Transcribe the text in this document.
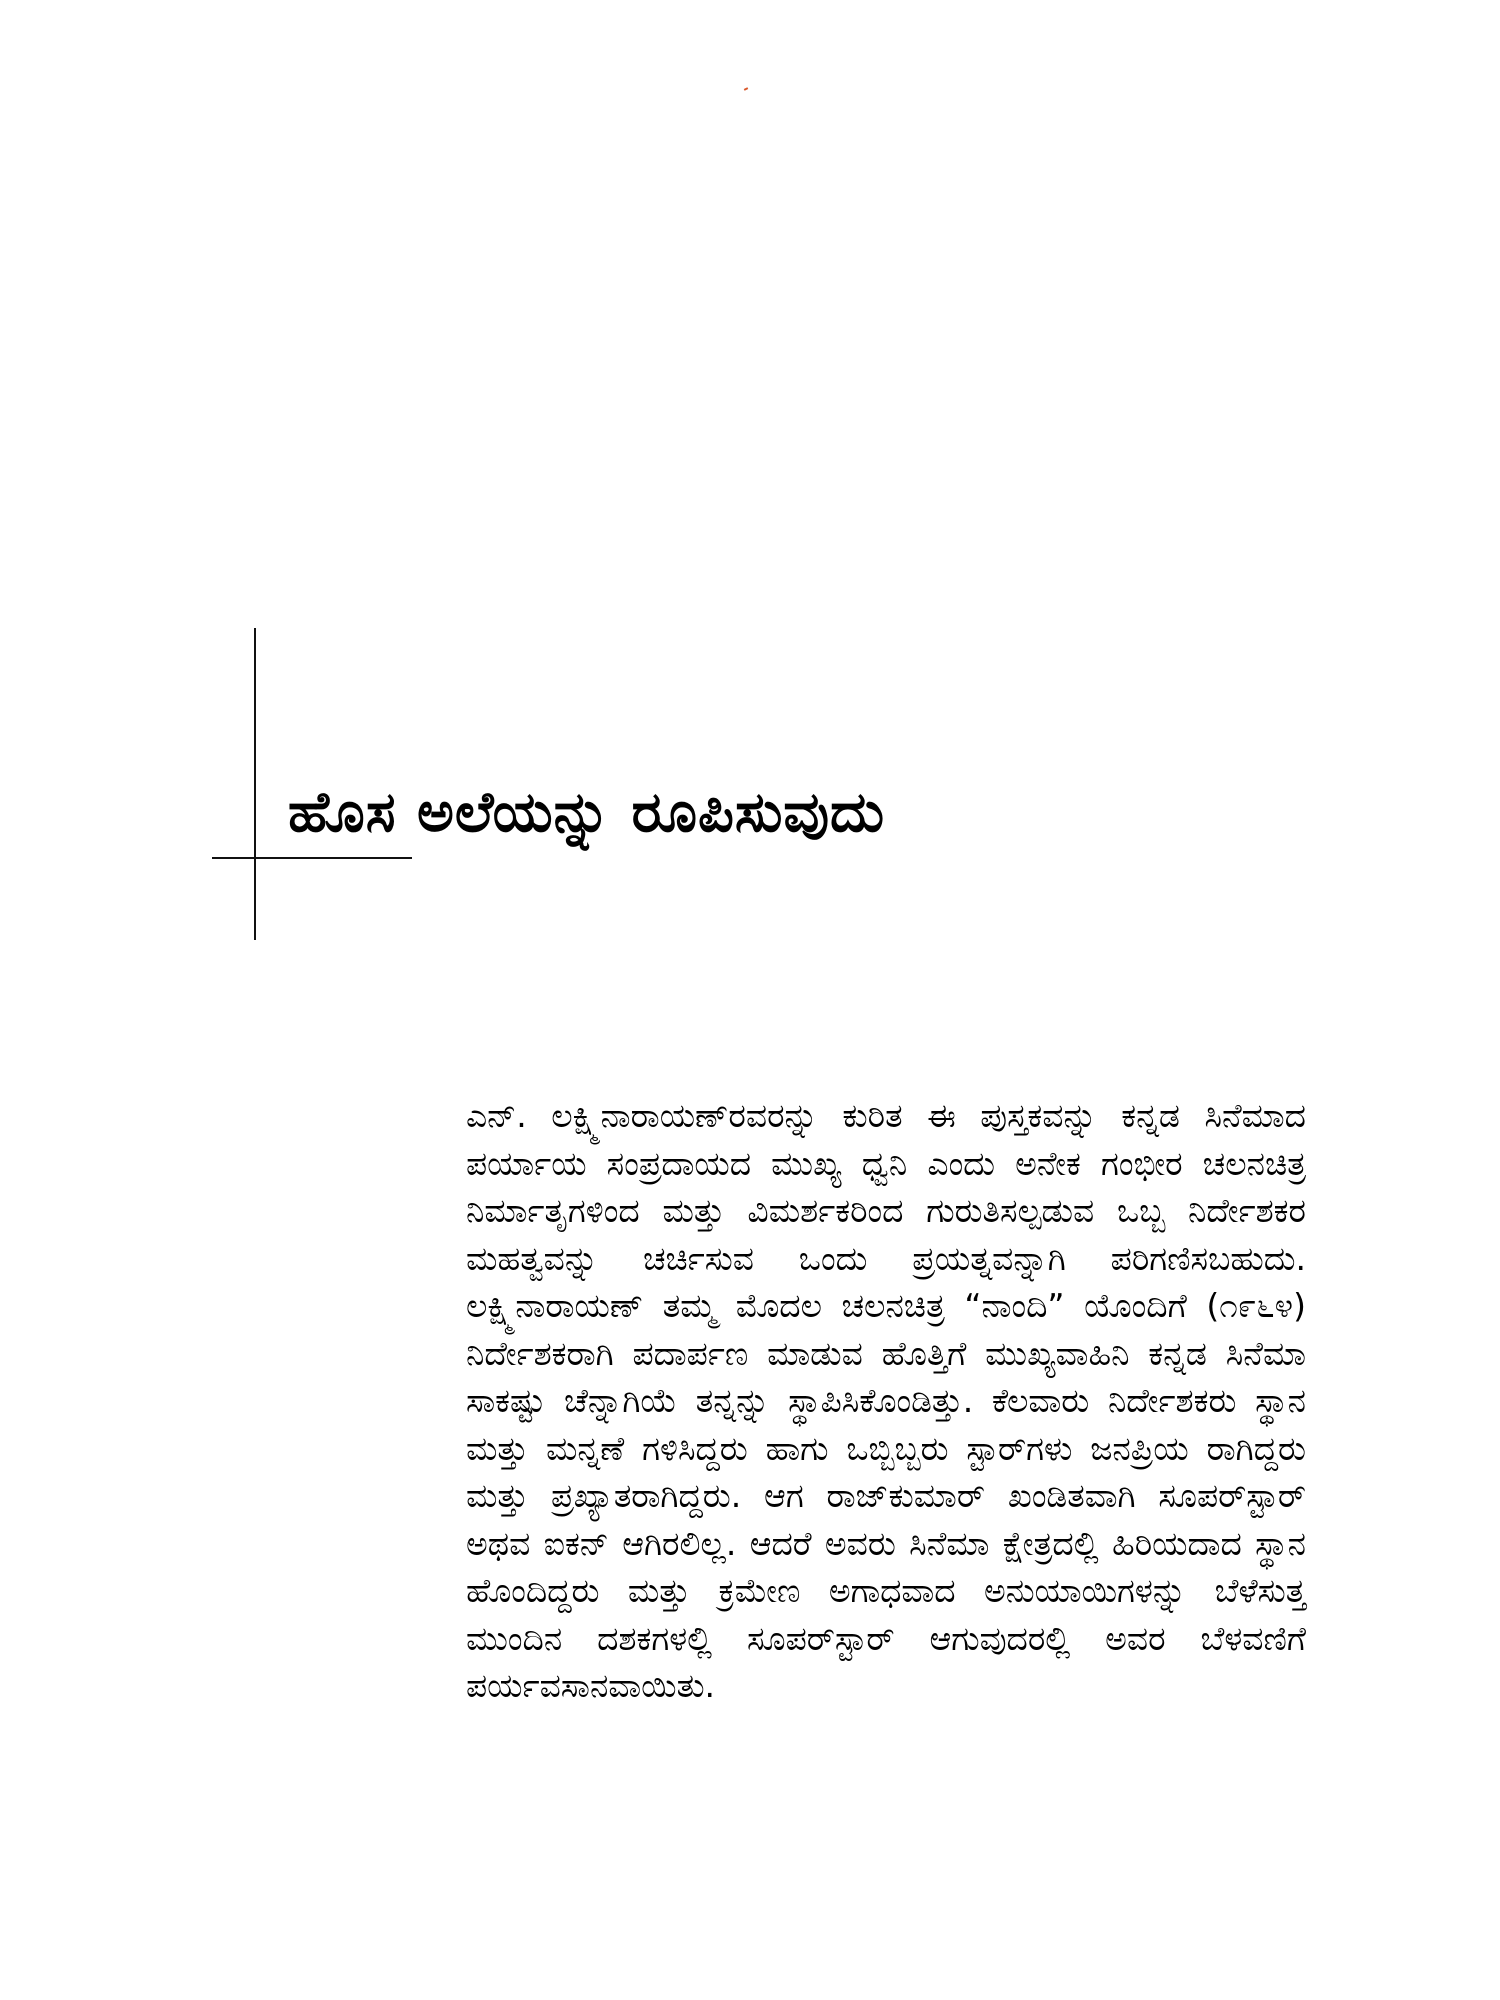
ಹೊಸ ಅಲೆಯನ್ನು ರೂಪಿಸುವುದು

ಎನ್. ಲಕ್ಷ್ಮಿನಾರಾಯಣ್‌ರವರನ್ನು ಕುರಿತ ಈ ಪುಸ್ತಕವನ್ನು ಕನ್ನಡ ಸಿನೆಮಾದ ಪರ್ಯಾಯ ಸಂಪ್ರದಾಯದ ಮುಖ್ಯ ಧ್ವನಿ ಎಂದು ಅನೇಕ ಗಂಭೀರ ಚಲನಚಿತ್ರ ನಿರ್ಮಾತೃಗಳಿಂದ ಮತ್ತು ವಿಮರ್ಶಕರಿಂದ ಗುರುತಿಸಲ್ಪಡುವ ಒಬ್ಬ ನಿರ್ದೇಶಕರ ಮಹತ್ವವನ್ನು ಚರ್ಚಿಸುವ ಒಂದು ಪ್ರಯತ್ನವನ್ನಾಗಿ ಪರಿಗಣಿಸಬಹುದು. ಲಕ್ಷ್ಮಿನಾರಾಯಣ್ ತಮ್ಮ ಮೊದಲ ಚಲನಚಿತ್ರ “ನಾಂದಿ” ಯೊಂದಿಗೆ (೧೯೬೪) ನಿರ್ದೇಶಕರಾಗಿ ಪದಾರ್ಪಣ ಮಾಡುವ ಹೊತ್ತಿಗೆ ಮುಖ್ಯವಾಹಿನಿ ಕನ್ನಡ ಸಿನೆಮಾ ಸಾಕಷ್ಟು ಚೆನ್ನಾಗಿಯೆ ತನ್ನನ್ನು ಸ್ಥಾಪಿಸಿಕೊಂಡಿತ್ತು. ಕೆಲವಾರು ನಿರ್ದೇಶಕರು ಸ್ಥಾನ ಮತ್ತು ಮನ್ನಣೆ ಗಳಿಸಿದ್ದರು ಹಾಗು ಒಬ್ಬಿಬ್ಬರು ಸ್ಟಾರ್‌ಗಳು ಜನಪ್ರಿಯ ರಾಗಿದ್ದರು ಮತ್ತು ಪ್ರಖ್ಯಾತರಾಗಿದ್ದರು. ಆಗ ರಾಜ್‌ಕುಮಾರ್ ಖಂಡಿತವಾಗಿ ಸೂಪರ್‌ಸ್ಟಾರ್ ಅಥವ ಐಕನ್ ಆಗಿರಲಿಲ್ಲ. ಆದರೆ ಅವರು ಸಿನೆಮಾ ಕ್ಷೇತ್ರದಲ್ಲಿ ಹಿರಿಯದಾದ ಸ್ಥಾನ ಹೊಂದಿದ್ದರು ಮತ್ತು ಕ್ರಮೇಣ ಅಗಾಧವಾದ ಅನುಯಾಯಿಗಳನ್ನು ಬೆಳೆಸುತ್ತ ಮುಂದಿನ ದಶಕಗಳಲ್ಲಿ ಸೂಪರ್‌ಸ್ಟಾರ್ ಆಗುವುದರಲ್ಲಿ ಅವರ ಬೆಳವಣಿಗೆ ಪರ್ಯವಸಾನವಾಯಿತು.
